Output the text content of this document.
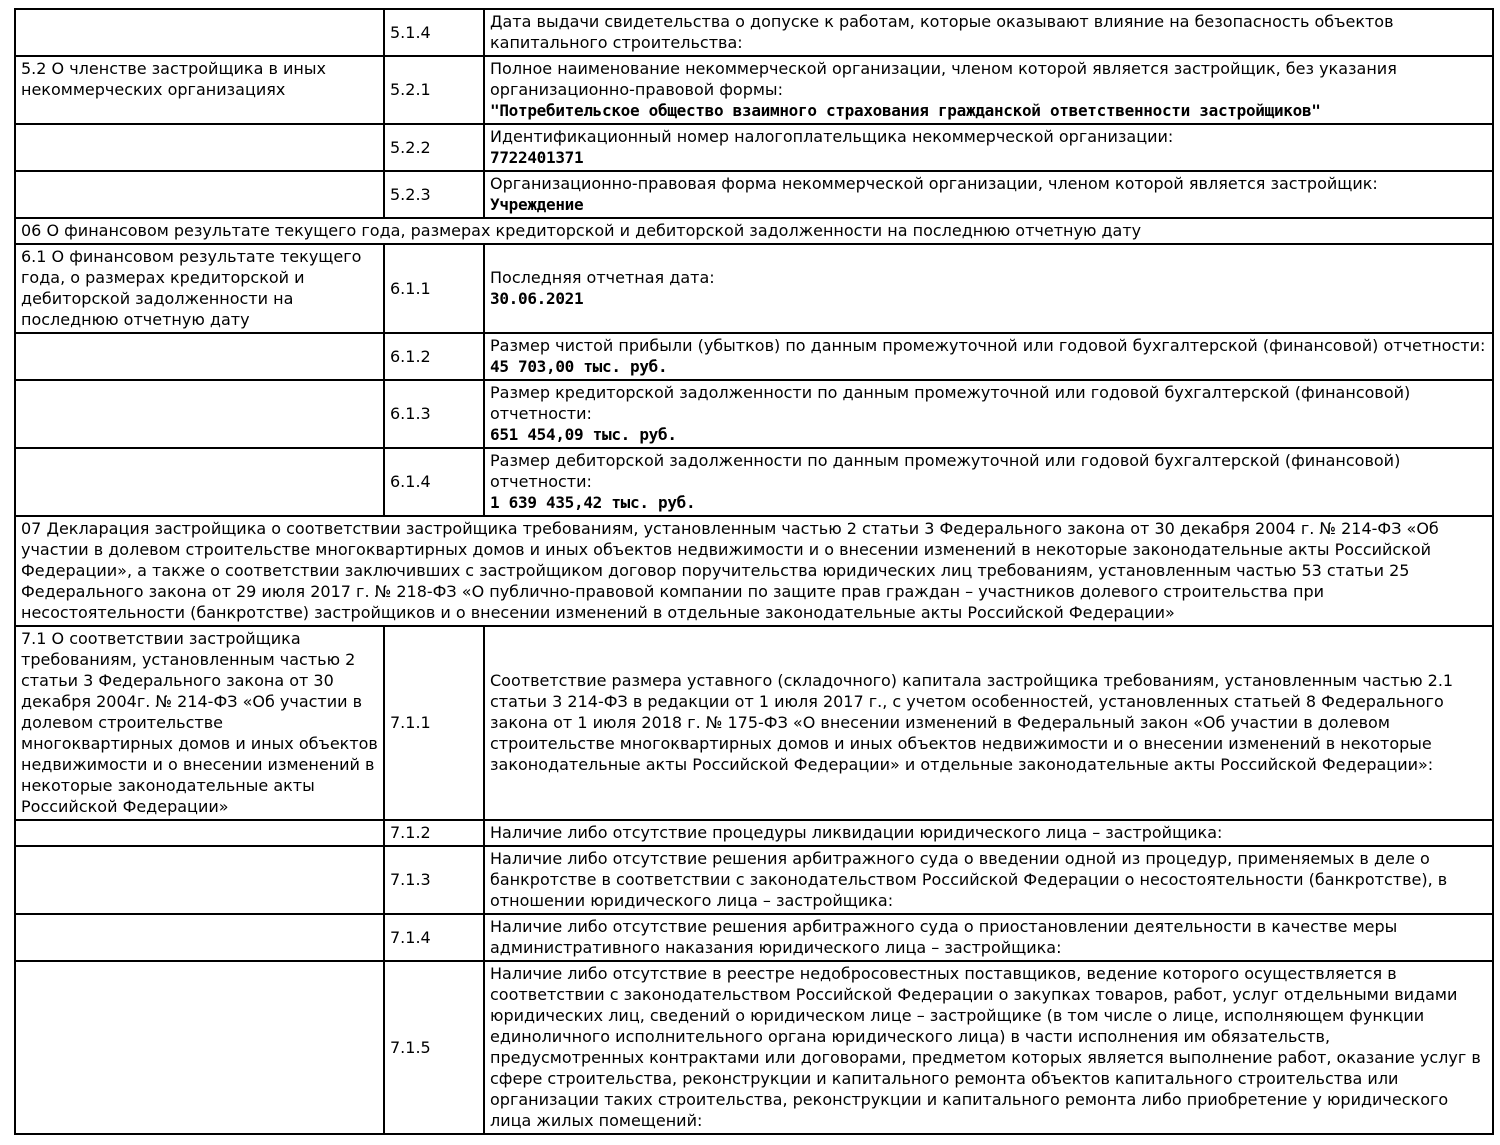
	5.1.4	Дата выдачи свидетельства о допуске к работам, которые оказывают влияние на безопасность объектов капитального строительства:

5.2 О членстве застройщика в иных некоммерческих организациях	5.2.1	Полное наименование некоммерческой организации, членом которой является застройщик, без указания организационно-правовой формы:
"Потребительское общество взаимного страхования гражданской ответственности застройщиков"

	5.2.2	Идентификационный номер налогоплательщика некоммерческой организации:
7722401371

	5.2.3	Организационно-правовая форма некоммерческой организации, членом которой является застройщик:
Учреждение

06 О финансовом результате текущего года, размерах кредиторской и дебиторской задолженности на последнюю отчетную дату		
6.1 О финансовом результате текущего года, о размерах кредиторской и дебиторской задолженности на последнюю отчетную дату	6.1.1	Последняя отчетная дата:
30.06.2021

	6.1.2	Размер чистой прибыли (убытков) по данным промежуточной или годовой бухгалтерской (финансовой) отчетности:
45 703,00 тыс. руб.

	6.1.3	Размер кредиторской задолженности по данным промежуточной или годовой бухгалтерской (финансовой) отчетности:
651 454,09 тыс. руб.

	6.1.4	Размер дебиторской задолженности по данным промежуточной или годовой бухгалтерской (финансовой) отчетности:
1 639 435,42 тыс. руб.

07 Декларация застройщика о соответствии застройщика требованиям, установленным частью 2 статьи 3 Федерального закона от 30 декабря 2004 г. № 214-ФЗ «Об участии в долевом строительстве многоквартирных домов и иных объектов недвижимости и о внесении изменений в некоторые законодательные акты Российской Федерации», а также о соответствии заключивших с застройщиком договор поручительства юридических лиц требованиям, установленным частью 53 статьи 25 Федерального закона от 29 июля 2017 г. № 218-ФЗ «О публично-правовой компании по защите прав граждан – участников долевого строительства при несостоятельности (банкротстве) застройщиков и о внесении изменений в отдельные законодательные акты Российской Федерации»		
7.1 О соответствии застройщика требованиям, установленным частью 2 статьи 3 Федерального закона от 30 декабря 2004г. № 214-ФЗ «Об участии в долевом строительстве многоквартирных домов и иных объектов недвижимости и о внесении изменений в некоторые законодательные акты Российской Федерации»	7.1.1	
Соответствие размера уставного (складочного) капитала застройщика требованиям, установленным частью 2.1 статьи 3 214-ФЗ в редакции от 1 июля 2017 г., с учетом особенностей, установленных статьей 8 Федерального закона от 1 июля 2018 г. № 175-ФЗ «О внесении изменений в Федеральный закон «Об участии в долевом строительстве многоквартирных домов и иных объектов недвижимости и о внесении изменений в некоторые законодательные акты Российской Федерации» и отдельные законодательные акты Российской Федерации»:

	7.1.2	Наличие либо отсутствие процедуры ликвидации юридического лица – застройщика:

	7.1.3	Наличие либо отсутствие решения арбитражного суда о введении одной из процедур, применяемых в деле о банкротстве в соответствии с законодательством Российской Федерации о несостоятельности (банкротстве), в отношении юридического лица – застройщика:

	7.1.4	Наличие либо отсутствие решения арбитражного суда о приостановлении деятельности в качестве меры административного наказания юридического лица – застройщика:

	7.1.5	Наличие либо отсутствие в реестре недобросовестных поставщиков, ведение которого осуществляется в соответствии с законодательством Российской Федерации о закупках товаров, работ, услуг отдельными видами юридических лиц, сведений о юридическом лице – застройщике (в том числе о лице, исполняющем функции единоличного исполнительного органа юридического лица) в части исполнения им обязательств, предусмотренных контрактами или договорами, предметом которых является выполнение работ, оказание услуг в сфере строительства, реконструкции и капитального ремонта объектов капитального строительства или организации таких строительства, реконструкции и капитального ремонта либо приобретение у юридического лица жилых помещений:
